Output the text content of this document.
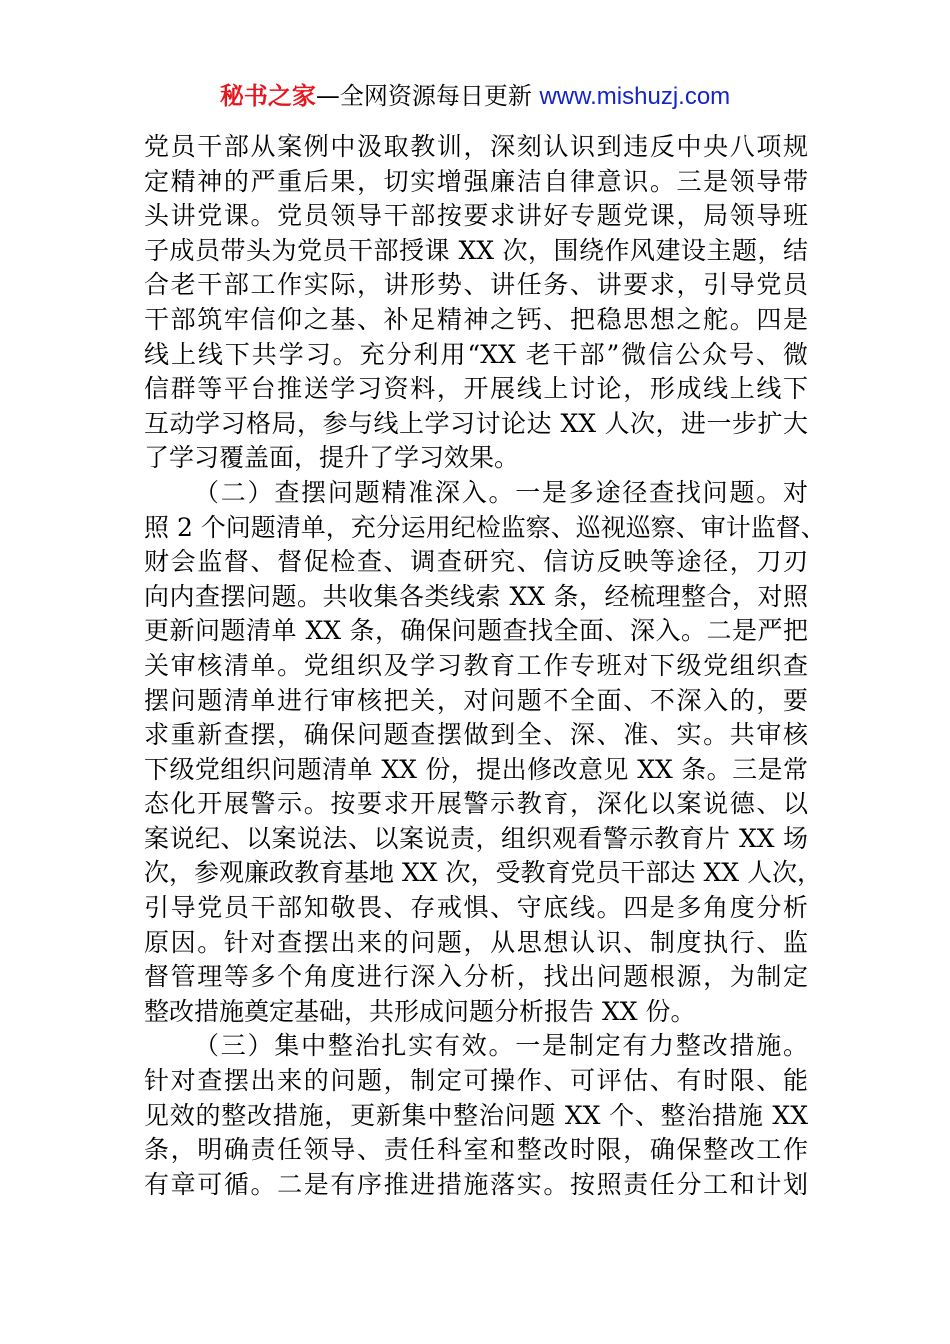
秘书之家—全网资源每日更新 www.mishuzj.com
党员干部从案例中汲取教训，深刻认识到违反中央八项规
定精神的严重后果，切实增强廉洁自律意识。三是领导带
头讲党课。党员领导干部按要求讲好专题党课，局领导班
子成员带头为党员干部授课 XX 次，围绕作风建设主题，结
合老干部工作实际，讲形势、讲任务、讲要求，引导党员
干部筑牢信仰之基、补足精神之钙、把稳思想之舵。四是
线上线下共学习。充分利用“XX 老干部”微信公众号、微
信群等平台推送学习资料，开展线上讨论，形成线上线下
互动学习格局，参与线上学习讨论达 XX 人次，进一步扩大
了学习覆盖面，提升了学习效果。
（二）查摆问题精准深入。一是多途径查找问题。对
照 2 个问题清单，充分运用纪检监察、巡视巡察、审计监督、
财会监督、督促检查、调查研究、信访反映等途径，刀刃
向内查摆问题。共收集各类线索 XX 条，经梳理整合，对照
更新问题清单 XX 条，确保问题查找全面、深入。二是严把
关审核清单。党组织及学习教育工作专班对下级党组织查
摆问题清单进行审核把关，对问题不全面、不深入的，要
求重新查摆，确保问题查摆做到全、深、准、实。共审核
下级党组织问题清单 XX 份，提出修改意见 XX 条。三是常
态化开展警示。按要求开展警示教育，深化以案说德、以
案说纪、以案说法、以案说责，组织观看警示教育片 XX 场
次，参观廉政教育基地 XX 次，受教育党员干部达 XX 人次，
引导党员干部知敬畏、存戒惧、守底线。四是多角度分析
原因。针对查摆出来的问题，从思想认识、制度执行、监
督管理等多个角度进行深入分析，找出问题根源，为制定
整改措施奠定基础，共形成问题分析报告 XX 份。
（三）集中整治扎实有效。一是制定有力整改措施。
针对查摆出来的问题，制定可操作、可评估、有时限、能
见效的整改措施，更新集中整治问题 XX 个、整治措施 XX
条，明确责任领导、责任科室和整改时限，确保整改工作
有章可循。二是有序推进措施落实。按照责任分工和计划
